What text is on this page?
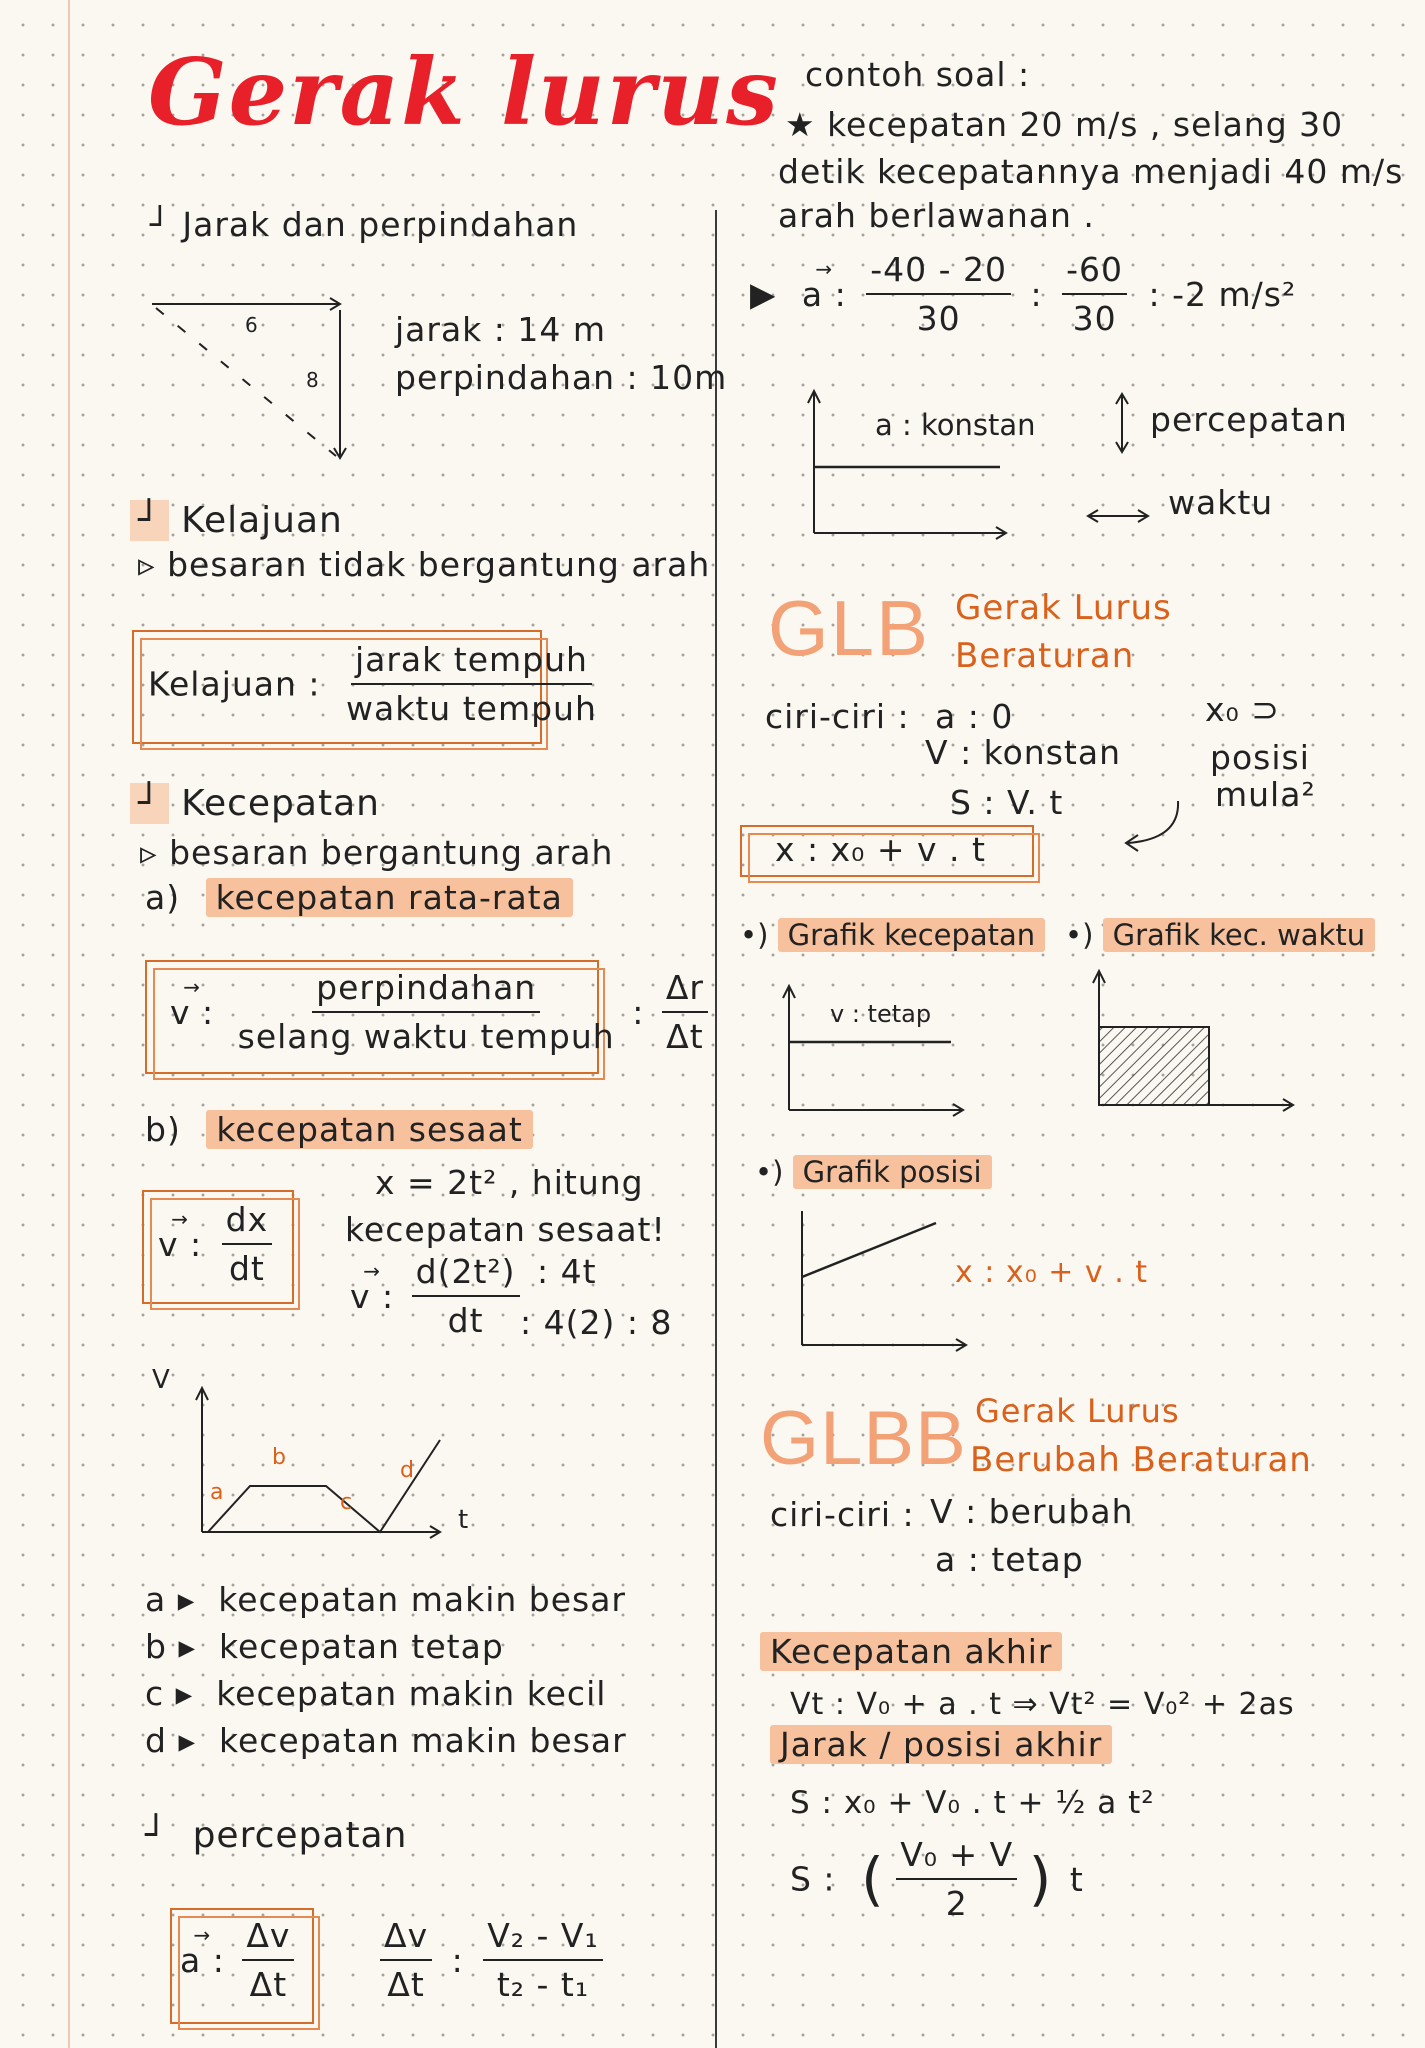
Gerak lurus
┘ Jarak dan perpindahan
6
8
jarak : 14 m
perpindahan : 10m
┘ Kelajuan
▹ besaran tidak bergantung arah
Kelajuan : $\frac{\text{jarak tempuh}}{\text{waktu tempuh}}$
┘ Kecepatan
▹ besaran bergantung arah
a) kecepatan rata-rata
→ v : $\frac{\text{perpindahan}}{\text{selang waktu tempuh}}$ : $\frac{\Delta r}{\Delta t}$
b) kecepatan sesaat
→ v : $\frac{dx}{dt}$
x = 2t² , hitung
kecepatan sesaat!
→ v : $\frac{\text{d(2t²)}}{dt}$ : 4t
: 4(2) : 8
V
t
a
b
c
d
a ▸ kecepatan makin besar
b ▸ kecepatan tetap
c ▸ kecepatan makin kecil
d ▸ kecepatan makin besar
┘ percepatan
→ a : $\frac{\Delta v}{\Delta t}$	$\frac{\Delta v}{\Delta t}$ : $\frac{\text{V₂ - V₁}}{\text{t₂ - t₁}}$
contoh soal :
★ kecepatan 20 m/s , selang 30
detik kecepatannya menjadi 40 m/s
arah berlawanan .
▶ → a : $\frac{-40 - 20}{30}$ : $\frac{-60}{30}$ : -2 m/s²
a : konstan	percepatan
waktu
GLB Gerak Lurus
Beraturan
ciri-ciri : a : 0
V : konstan
S : V. t
x₀ ⊃
posisi
mula²
x : x₀ + v . t
•) Grafik kecepatan	•) Grafik kec. waktu
v : tetap
•) Grafik posisi
x : x₀ + v . t
GLBB Gerak Lurus
Berubah Beraturan
ciri-ciri : V : berubah
a : tetap
Kecepatan akhir
Vt : V₀ + a . t ⇒ Vt² = V₀² + 2as
Jarak / posisi akhir
S : x₀ + V₀ . t + ½ a t²
S : ( $\frac{\text{V₀ + V}}{2}$ ) t
